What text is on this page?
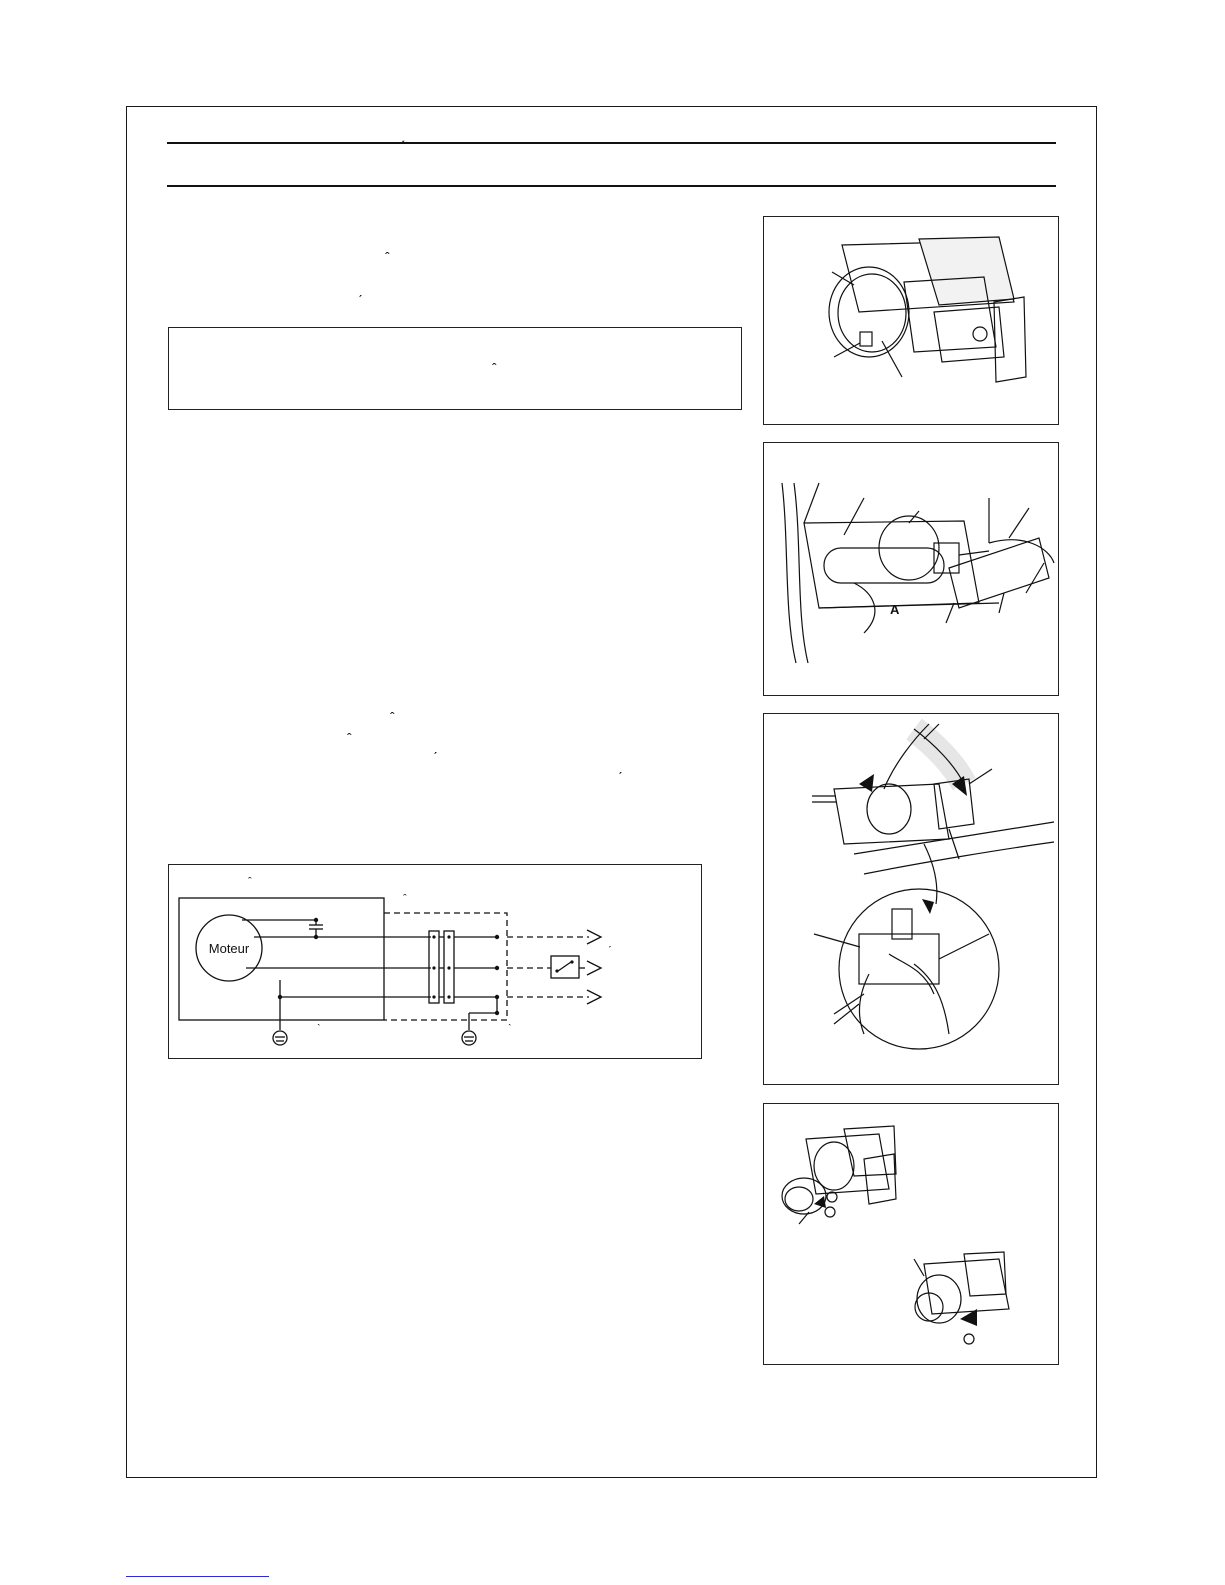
ˊ
ˆ
ˊ
ˆ
ˆ
ˊ
ˊ
ˆ
ˆ
ˆ
ˊ
ˋ	ˋ
Moteur
A
